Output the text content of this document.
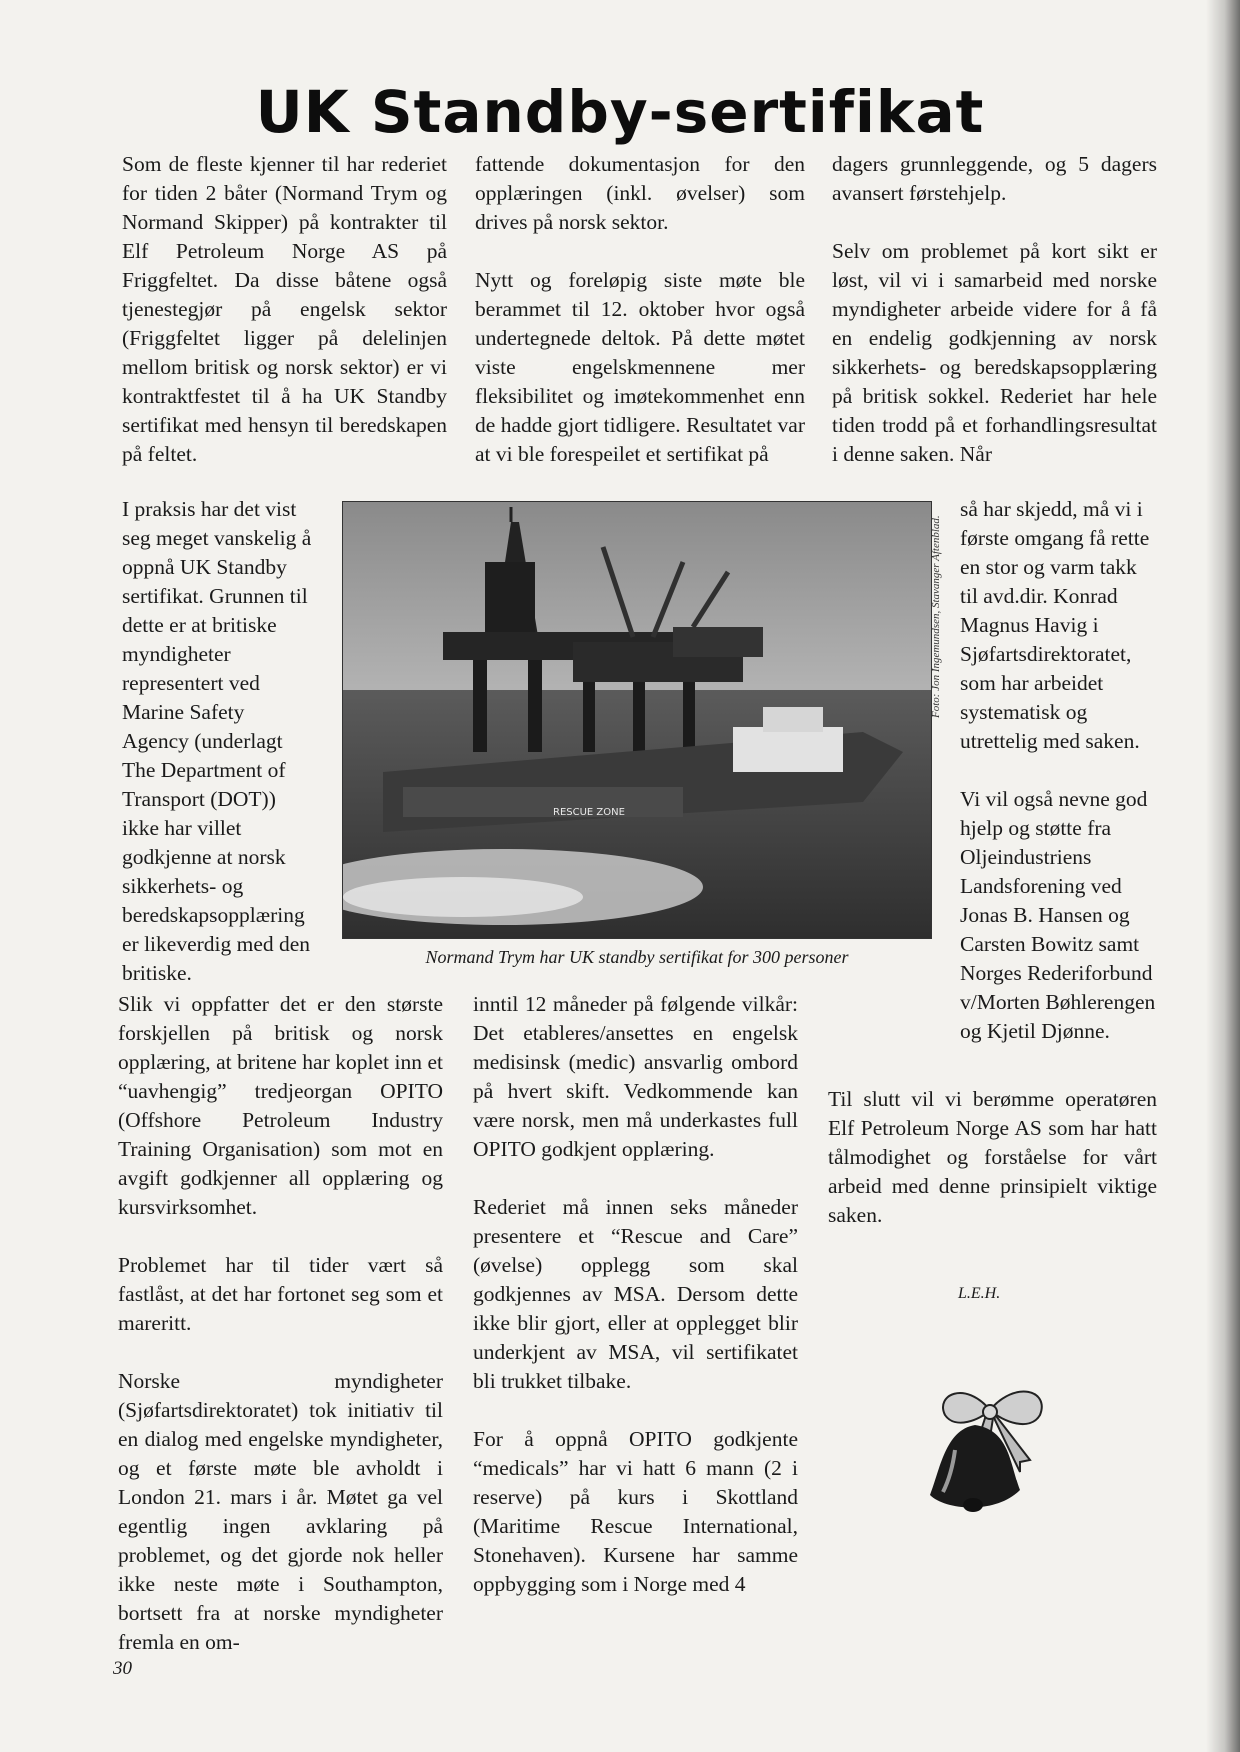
UK Standby-sertifikat

Som de fleste kjenner til har rederiet for tiden 2 båter (Normand Trym og Normand Skipper) på kontrakter til Elf Petroleum Norge AS på Friggfeltet. Da disse båtene også tjenestegjør på engelsk sektor (Friggfeltet ligger på delelinjen mellom britisk og norsk sektor) er vi kontraktfestet til å ha UK Standby sertifikat med hensyn til beredskapen på feltet.

I praksis har det vist seg meget vanskelig å oppnå UK Standby sertifikat. Grunnen til dette er at britiske myndigheter representert ved Marine Safety Agency (underlagt The Department of Transport (DOT)) ikke har villet godkjenne at norsk sikkerhets- og beredskapsopplæring er likeverdig med den britiske.

fattende dokumentasjon for den opplæringen (inkl. øvelser) som drives på norsk sektor.

Nytt og foreløpig siste møte ble berammet til 12. oktober hvor også undertegnede deltok. På dette møtet viste engelskmennene mer fleksibilitet og imøtekommenhet enn de hadde gjort tidligere. Resultatet var at vi ble forespeilet et sertifikat på

dagers grunnleggende, og 5 dagers avansert førstehjelp.

Selv om problemet på kort sikt er løst, vil vi i samarbeid med norske myndigheter arbeide videre for å få en endelig godkjenning av norsk sikkerhets- og beredskapsopplæring på britisk sokkel. Rederiet har hele tiden trodd på et forhandlingsresultat i denne saken. Når

så har skjedd, må vi i første omgang få rette en stor og varm takk til avd.dir. Konrad Magnus Havig i Sjøfartsdirektoratet, som har arbeidet systematisk og utrettelig med saken.

Vi vil også nevne god hjelp og støtte fra Oljeindustriens Landsforening ved Jonas B. Hansen og Carsten Bowitz samt Norges Rederiforbund v/Morten Bøhlerengen og Kjetil Djønne.

Til slutt vil vi berømme operatøren Elf Petroleum Norge AS som har hatt tålmodighet og forståelse for vårt arbeid med denne prinsipielt viktige saken.

RESCUE ZONE
Foto: Jon Ingemundsen, Stavanger Aftenblad.

Normand Trym har UK standby sertifikat for 300 personer

Slik vi oppfatter det er den største forskjellen på britisk og norsk opplæring, at britene har koplet inn et “uavhengig” tredjeorgan OPITO (Offshore Petroleum Industry Training Organisation) som mot en avgift godkjenner all opplæring og kursvirksomhet.

Problemet har til tider vært så fastlåst, at det har fortonet seg som et mareritt.

Norske myndigheter (Sjøfartsdirektoratet) tok initiativ til en dialog med engelske myndigheter, og et første møte ble avholdt i London 21. mars i år. Møtet ga vel egentlig ingen avklaring på problemet, og det gjorde nok heller ikke neste møte i Southampton, bortsett fra at norske myndigheter fremla en om-

inntil 12 måneder på følgende vilkår: Det etableres/ansettes en engelsk medisinsk (medic) ansvarlig ombord på hvert skift. Vedkommende kan være norsk, men må underkastes full OPITO godkjent opplæring.

Rederiet må innen seks måneder presentere et “Rescue and Care” (øvelse) opplegg som skal godkjennes av MSA. Dersom dette ikke blir gjort, eller at opplegget blir underkjent av MSA, vil sertifikatet bli trukket tilbake.

For å oppnå OPITO godkjente “medicals” har vi hatt 6 mann (2 i reserve) på kurs i Skottland (Maritime Rescue International, Stonehaven). Kursene har samme oppbygging som i Norge med 4

L.E.H.

30
